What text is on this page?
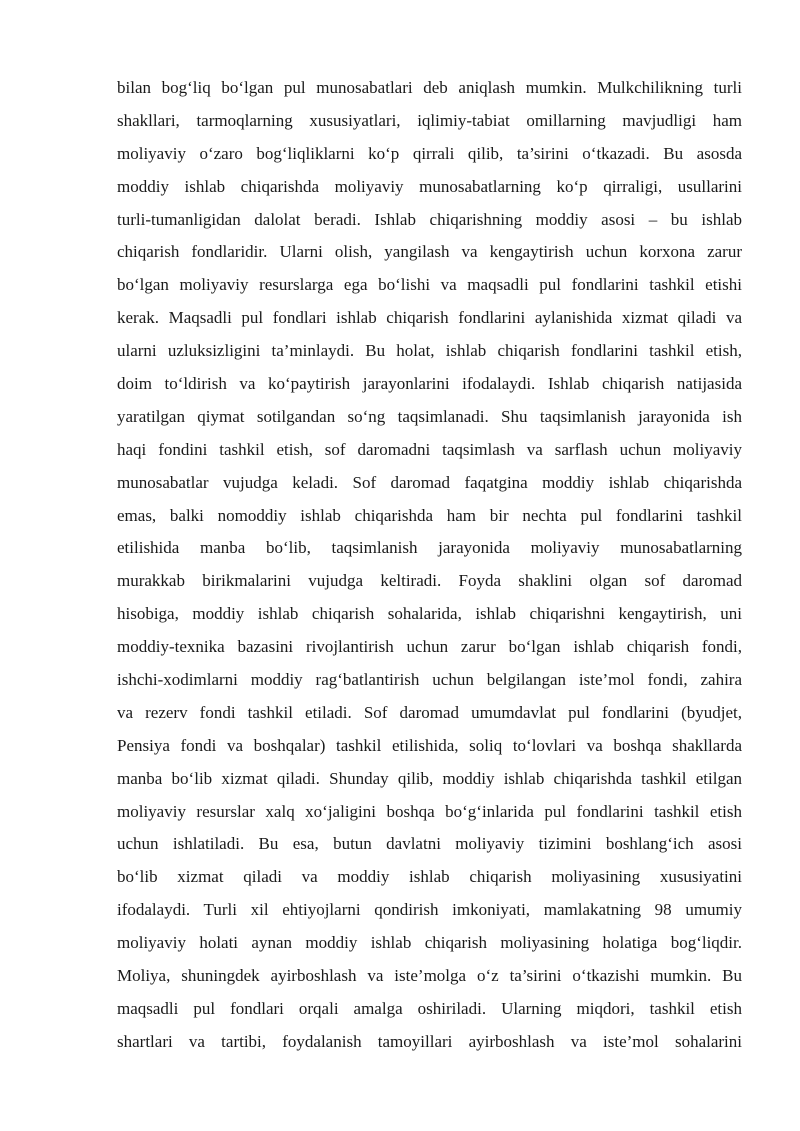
bilan bog‘liq bo‘lgan pul munosabatlari deb aniqlash mumkin. Mulkchilikning turli
shakllari, tarmoqlarning xususiyatlari, iqlimiy-tabiat omillarning mavjudligi ham
moliyaviy o‘zaro bog‘liqliklarni ko‘p qirrali qilib, ta’sirini o‘tkazadi. Bu asosda
moddiy ishlab chiqarishda moliyaviy munosabatlarning ko‘p qirraligi, usullarini
turli-tumanligidan dalolat beradi. Ishlab chiqarishning moddiy asosi – bu ishlab
chiqarish fondlaridir. Ularni olish, yangilash va kengaytirish uchun korxona zarur
bo‘lgan moliyaviy resurslarga ega bo‘lishi va maqsadli pul fondlarini tashkil etishi
kerak. Maqsadli pul fondlari ishlab chiqarish fondlarini aylanishida xizmat qiladi va
ularni uzluksizligini ta’minlaydi. Bu holat, ishlab chiqarish fondlarini tashkil etish,
doim to‘ldirish va ko‘paytirish jarayonlarini ifodalaydi. Ishlab chiqarish natijasida
yaratilgan qiymat sotilgandan so‘ng taqsimlanadi. Shu taqsimlanish jarayonida ish
haqi fondini tashkil etish, sof daromadni taqsimlash va sarflash uchun moliyaviy
munosabatlar vujudga keladi. Sof daromad faqatgina moddiy ishlab chiqarishda
emas, balki nomoddiy ishlab chiqarishda ham bir nechta pul fondlarini tashkil
etilishida manba bo‘lib, taqsimlanish jarayonida moliyaviy munosabatlarning
murakkab birikmalarini vujudga keltiradi. Foyda shaklini olgan sof daromad
hisobiga, moddiy ishlab chiqarish sohalarida, ishlab chiqarishni kengaytirish, uni
moddiy-texnika bazasini rivojlantirish uchun zarur bo‘lgan ishlab chiqarish fondi,
ishchi-xodimlarni moddiy rag‘batlantirish uchun belgilangan iste’mol fondi, zahira
va rezerv fondi tashkil etiladi. Sof daromad umumdavlat pul fondlarini (byudjet,
Pensiya fondi va boshqalar) tashkil etilishida, soliq to‘lovlari va boshqa shakllarda
manba bo‘lib xizmat qiladi. Shunday qilib, moddiy ishlab chiqarishda tashkil etilgan
moliyaviy resurslar xalq xo‘jaligini boshqa bo‘g‘inlarida pul fondlarini tashkil etish
uchun ishlatiladi. Bu esa, butun davlatni moliyaviy tizimini boshlang‘ich asosi
bo‘lib xizmat qiladi va moddiy ishlab chiqarish moliyasining xususiyatini
ifodalaydi. Turli xil ehtiyojlarni qondirish imkoniyati, mamlakatning 98 umumiy
moliyaviy holati aynan moddiy ishlab chiqarish moliyasining holatiga bog‘liqdir.
Moliya, shuningdek ayirboshlash va iste’molga o‘z ta’sirini o‘tkazishi mumkin. Bu
maqsadli pul fondlari orqali amalga oshiriladi. Ularning miqdori, tashkil etish
shartlari va tartibi, foydalanish tamoyillari ayirboshlash va iste’mol sohalarini
